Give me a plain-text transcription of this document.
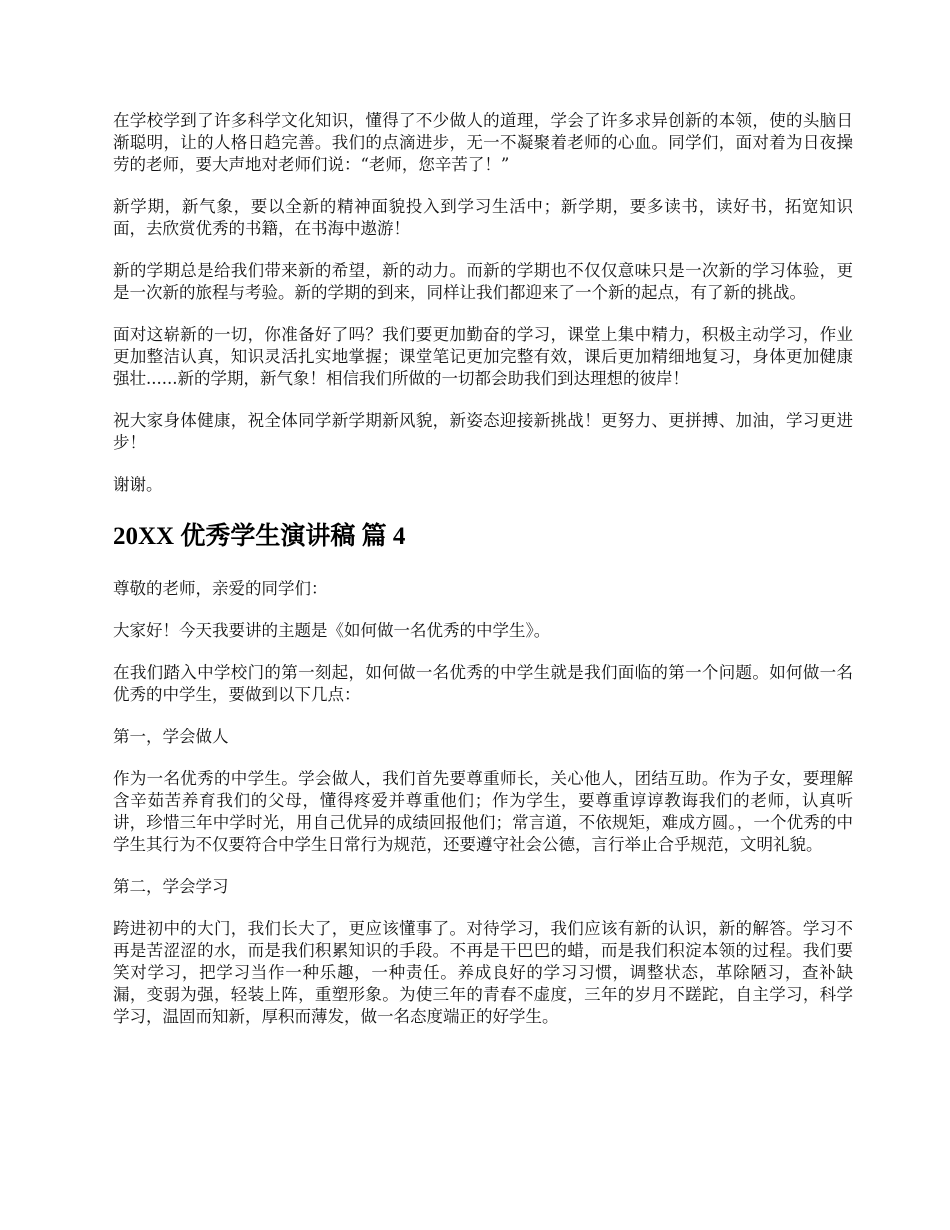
在学校学到了许多科学文化知识，懂得了不少做人的道理，学会了许多求异创新的本领，使的头脑日渐聪明，让的人格日趋完善。我们的点滴进步，无一不凝聚着老师的心血。同学们，面对着为日夜操劳的老师，要大声地对老师们说：“老师，您辛苦了！”

新学期，新气象，要以全新的精神面貌投入到学习生活中；新学期，要多读书，读好书，拓宽知识面，去欣赏优秀的书籍，在书海中遨游！

新的学期总是给我们带来新的希望，新的动力。而新的学期也不仅仅意味只是一次新的学习体验，更是一次新的旅程与考验。新的学期的到来，同样让我们都迎来了一个新的起点，有了新的挑战。

面对这崭新的一切，你准备好了吗？我们要更加勤奋的学习，课堂上集中精力，积极主动学习，作业更加整洁认真，知识灵活扎实地掌握；课堂笔记更加完整有效，课后更加精细地复习，身体更加健康强壮......新的学期，新气象！相信我们所做的一切都会助我们到达理想的彼岸！

祝大家身体健康，祝全体同学新学期新风貌，新姿态迎接新挑战！更努力、更拼搏、加油，学习更进步！

谢谢。

20XX 优秀学生演讲稿 篇 4

尊敬的老师，亲爱的同学们：

大家好！今天我要讲的主题是《如何做一名优秀的中学生》。

在我们踏入中学校门的第一刻起，如何做一名优秀的中学生就是我们面临的第一个问题。如何做一名优秀的中学生，要做到以下几点：

第一，学会做人

作为一名优秀的中学生。学会做人，我们首先要尊重师长，关心他人，团结互助。作为子女，要理解含辛茹苦养育我们的父母，懂得疼爱并尊重他们；作为学生，要尊重谆谆教诲我们的老师，认真听讲，珍惜三年中学时光，用自己优异的成绩回报他们；常言道，不依规矩，难成方圆。，一个优秀的中学生其行为不仅要符合中学生日常行为规范，还要遵守社会公德，言行举止合乎规范，文明礼貌。

第二，学会学习

跨进初中的大门，我们长大了，更应该懂事了。对待学习，我们应该有新的认识，新的解答。学习不再是苦涩涩的水，而是我们积累知识的手段。不再是干巴巴的蜡，而是我们积淀本领的过程。我们要笑对学习，把学习当作一种乐趣，一种责任。养成良好的学习习惯，调整状态，革除陋习，查补缺漏，变弱为强，轻装上阵，重塑形象。为使三年的青春不虚度，三年的岁月不蹉跎，自主学习，科学学习，温固而知新，厚积而薄发，做一名态度端正的好学生。
